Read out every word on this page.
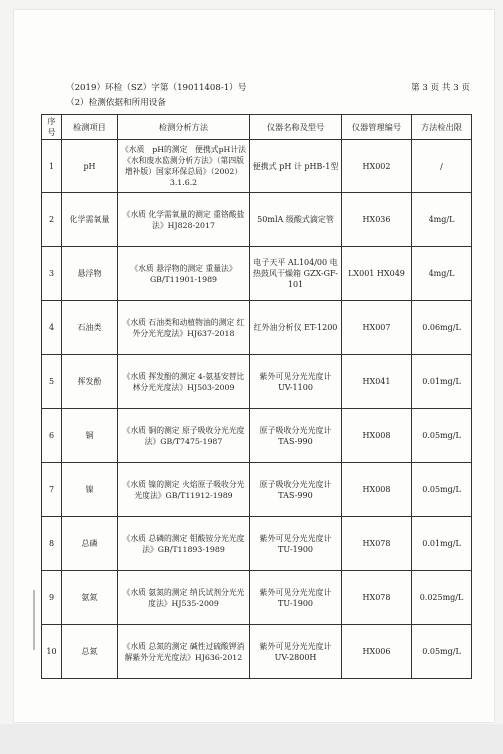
（2019）环检（SZ）字第（19011408-1）号	第 3 页 共 3 页
（2）检测依据和所用设备
序号	检测项目	检测分析方法	仪器名称及型号	仪器管理编号	方法检出限
1	pH	《水质　pH的测定　便携式pH计法《水和废水监测分析方法》（第四版增补版）国家环保总局》（2002）3.1.6.2	便携式 pH 计 pHB-1型	HX002	/
2	化学需氧量	《水质 化学需氧量的测定 重铬酸盐法》HJ828-2017	50mlA 级酸式滴定管	HX036	4mg/L
3	悬浮物	《水质 悬浮物的测定 重量法》GB/T11901-1989	电子天平 AL104/00 电热鼓风干燥箱 GZX-GF-101	LX001 HX049	4mg/L
4	石油类	《水质 石油类和动植物油的测定 红外分光光度法》HJ637-2018	红外油分析仪 ET-1200	HX007	0.06mg/L
5	挥发酚	《水质 挥发酚的测定 4-氨基安替比林分光光度法》HJ503-2009	紫外可见分光光度计 UV-1100	HX041	0.01mg/L
6	铜	《水质 铜的测定 原子吸收分光光度法》GB/T7475-1987	原子吸收分光光度计 TAS-990	HX008	0.05mg/L
7	镍	《水质 镍的测定 火焰原子吸收分光光度法》GB/T11912-1989	原子吸收分光光度计 TAS-990	HX008	0.05mg/L
8	总磷	《水质 总磷的测定 钼酸铵分光光度法》GB/T11893-1989	紫外可见分光光度计 TU-1900	HX078	0.01mg/L
9	氨氮	《水质 氨氮的测定 纳氏试剂分光光度法》HJ535-2009	紫外可见分光光度计 TU-1900	HX078	0.025mg/L
10	总氮	《水质 总氮的测定 碱性过硫酸钾消解紫外分光光度法》HJ636-2012	紫外可见分光光度计 UV-2800H	HX006	0.05mg/L
